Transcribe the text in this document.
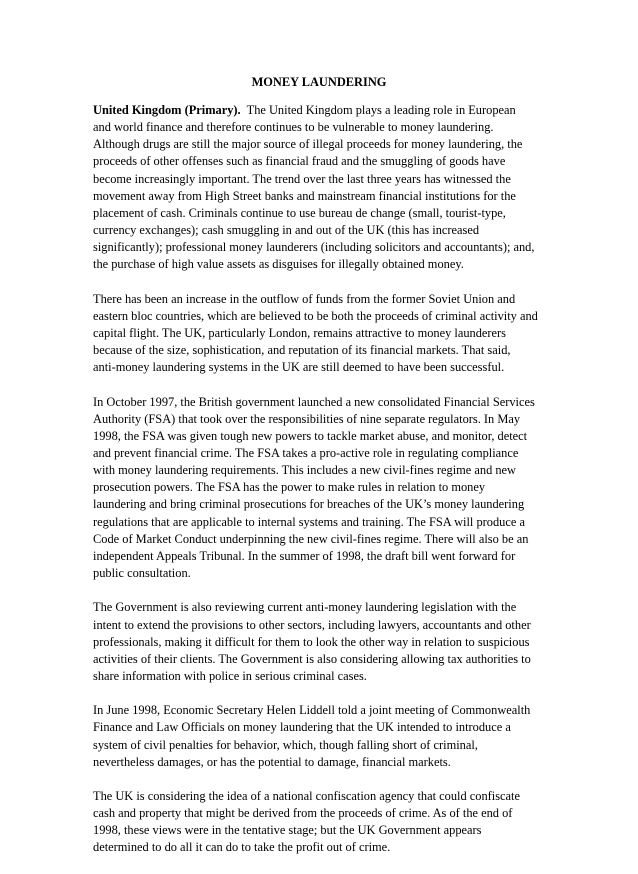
MONEY LAUNDERING
United Kingdom (Primary).  The United Kingdom plays a leading role in European
and world finance and therefore continues to be vulnerable to money laundering.
Although drugs are still the major source of illegal proceeds for money laundering, the
proceeds of other offenses such as financial fraud and the smuggling of goods have
become increasingly important. The trend over the last three years has witnessed the
movement away from High Street banks and mainstream financial institutions for the
placement of cash. Criminals continue to use bureau de change (small, tourist-type,
currency exchanges); cash smuggling in and out of the UK (this has increased
significantly); professional money launderers (including solicitors and accountants); and,
the purchase of high value assets as disguises for illegally obtained money.
There has been an increase in the outflow of funds from the former Soviet Union and
eastern bloc countries, which are believed to be both the proceeds of criminal activity and
capital flight. The UK, particularly London, remains attractive to money launderers
because of the size, sophistication, and reputation of its financial markets. That said,
anti-money laundering systems in the UK are still deemed to have been successful.
In October 1997, the British government launched a new consolidated Financial Services
Authority (FSA) that took over the responsibilities of nine separate regulators. In May
1998, the FSA was given tough new powers to tackle market abuse, and monitor, detect
and prevent financial crime. The FSA takes a pro-active role in regulating compliance
with money laundering requirements. This includes a new civil-fines regime and new
prosecution powers. The FSA has the power to make rules in relation to money
laundering and bring criminal prosecutions for breaches of the UK’s money laundering
regulations that are applicable to internal systems and training. The FSA will produce a
Code of Market Conduct underpinning the new civil-fines regime. There will also be an
independent Appeals Tribunal. In the summer of 1998, the draft bill went forward for
public consultation.
The Government is also reviewing current anti-money laundering legislation with the
intent to extend the provisions to other sectors, including lawyers, accountants and other
professionals, making it difficult for them to look the other way in relation to suspicious
activities of their clients. The Government is also considering allowing tax authorities to
share information with police in serious criminal cases.
In June 1998, Economic Secretary Helen Liddell told a joint meeting of Commonwealth
Finance and Law Officials on money laundering that the UK intended to introduce a
system of civil penalties for behavior, which, though falling short of criminal,
nevertheless damages, or has the potential to damage, financial markets.
The UK is considering the idea of a national confiscation agency that could confiscate
cash and property that might be derived from the proceeds of crime. As of the end of
1998, these views were in the tentative stage; but the UK Government appears
determined to do all it can do to take the profit out of crime.
